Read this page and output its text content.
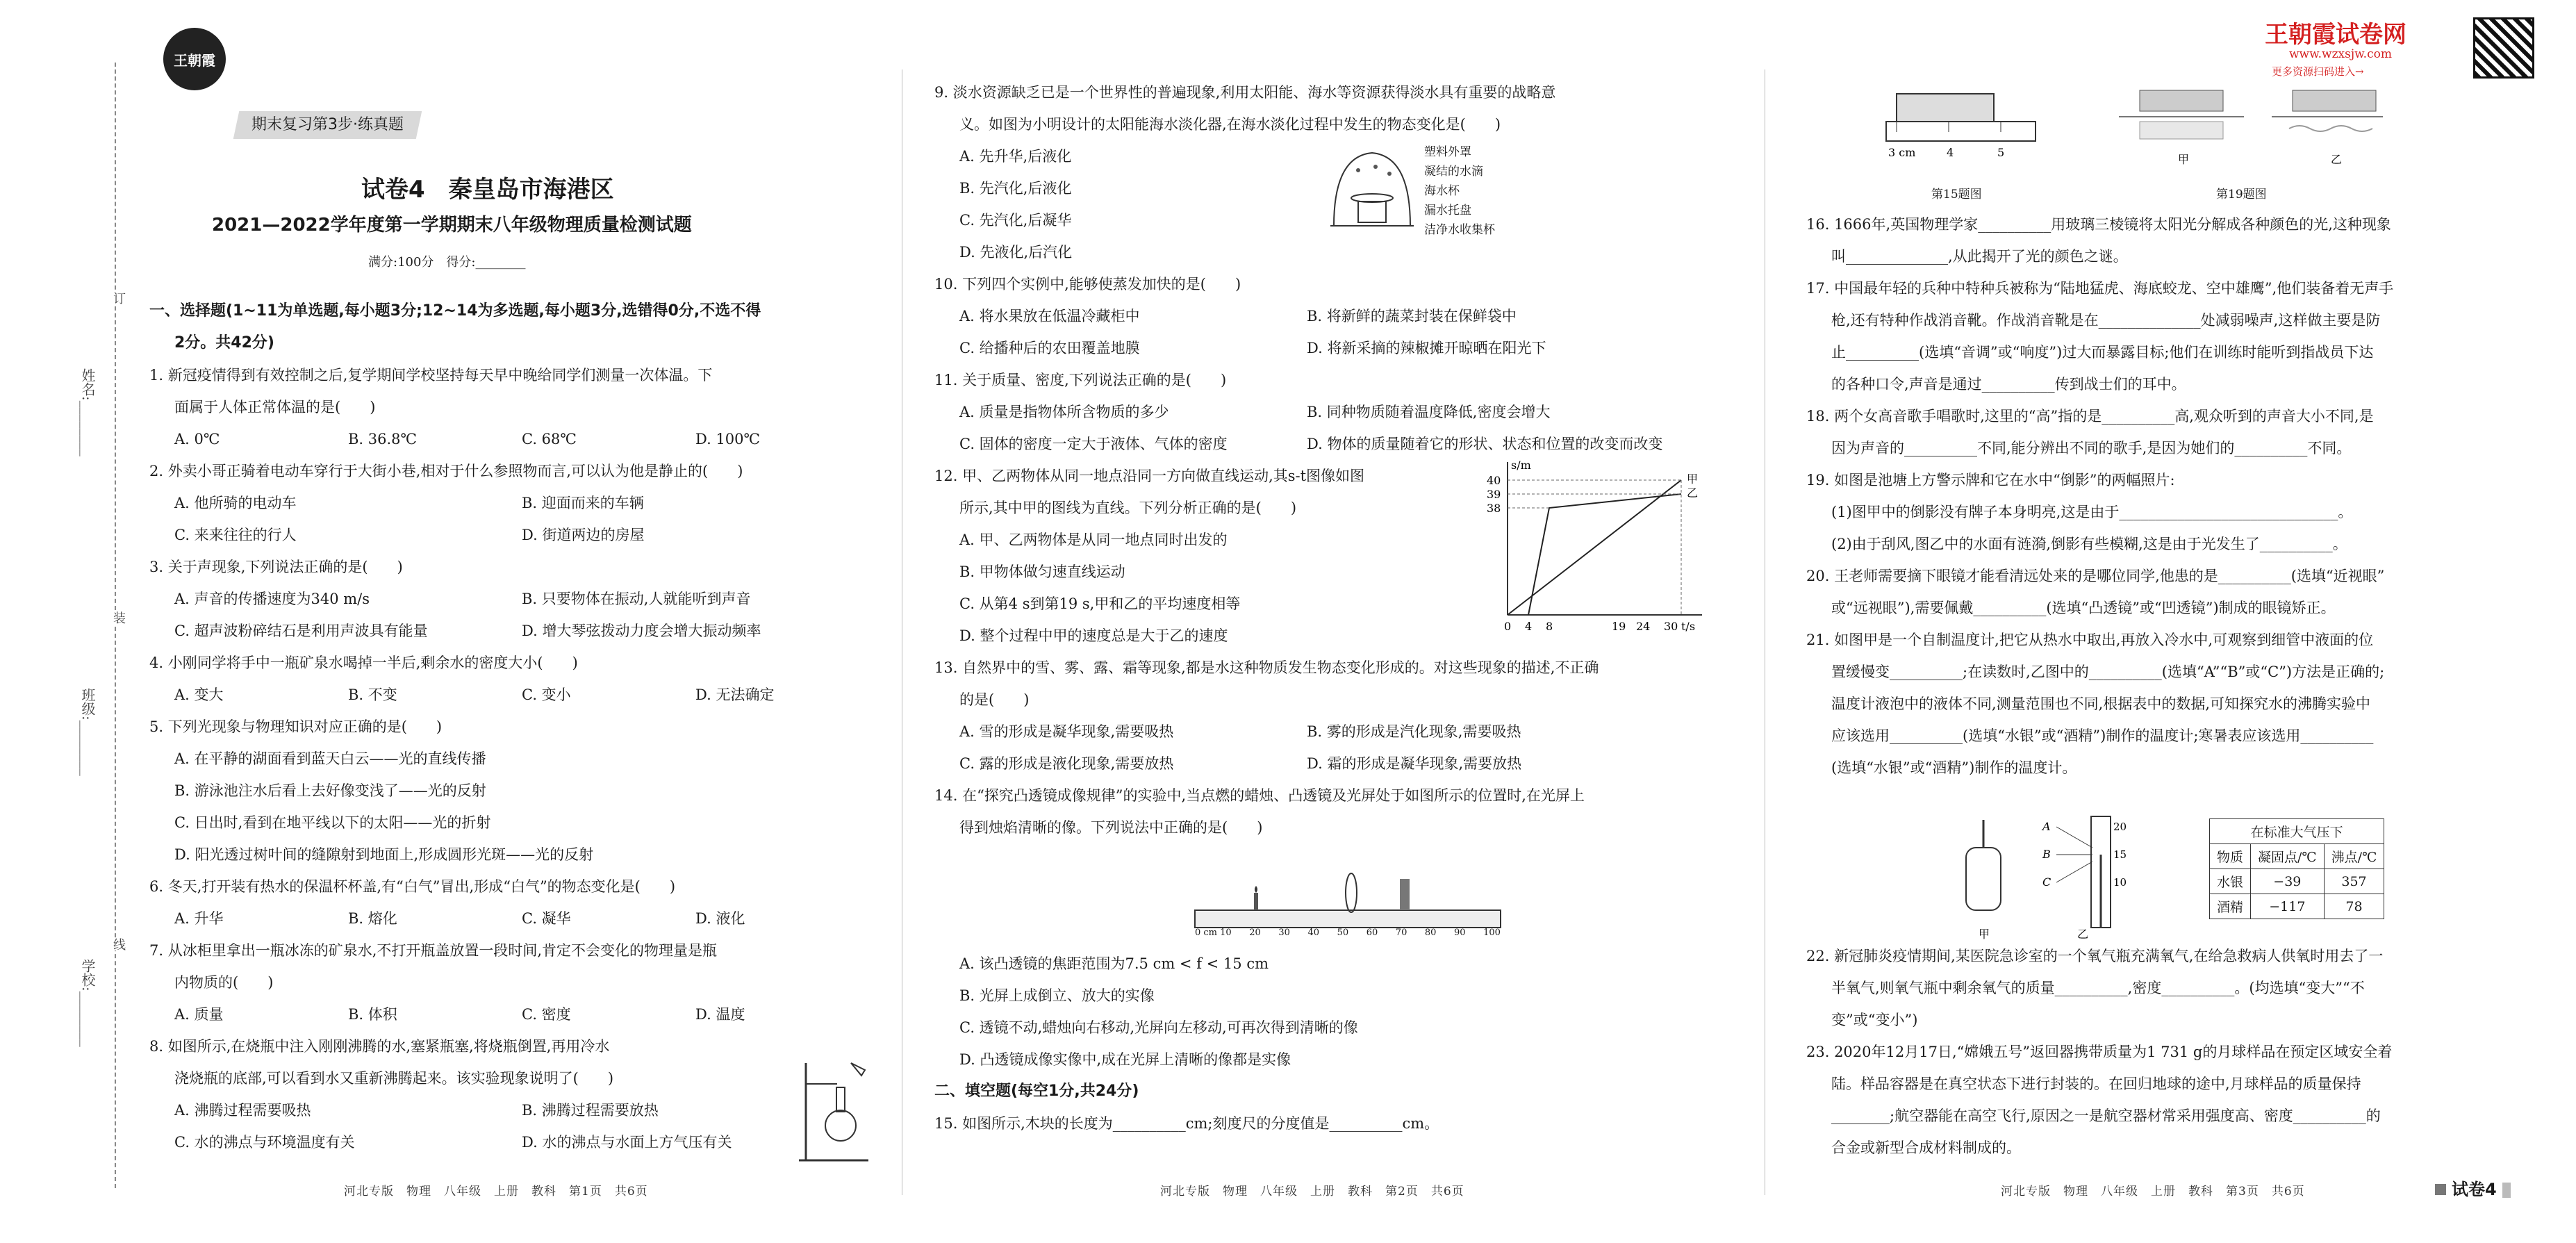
姓名:________
班级:________
学校:________
订
装
线
王朝霞
期末复习第3步·练真题
试卷4　秦皇岛市海港区
2021—2022学年度第一学期期末八年级物理质量检测试题
满分:100分　得分:________
一、选择题(1~11为单选题,每小题3分;12~14为多选题,每小题3分,选错得0分,不选不得
2分。共42分)
1. 新冠疫情得到有效控制之后,复学期间学校坚持每天早中晚给同学们测量一次体温。下
面属于人体正常体温的是(　　)
A. 0℃	B. 36.8℃	C. 68℃	D. 100℃
2. 外卖小哥正骑着电动车穿行于大街小巷,相对于什么参照物而言,可以认为他是静止的(　　)
A. 他所骑的电动车	B. 迎面而来的车辆
C. 来来往往的行人	D. 街道两边的房屋
3. 关于声现象,下列说法正确的是(　　)
A. 声音的传播速度为340 m/s	B. 只要物体在振动,人就能听到声音
C. 超声波粉碎结石是利用声波具有能量	D. 增大琴弦拨动力度会增大振动频率
4. 小刚同学将手中一瓶矿泉水喝掉一半后,剩余水的密度大小(　　)
A. 变大	B. 不变	C. 变小	D. 无法确定
5. 下列光现象与物理知识对应正确的是(　　)
A. 在平静的湖面看到蓝天白云——光的直线传播
B. 游泳池注水后看上去好像变浅了——光的反射
C. 日出时,看到在地平线以下的太阳——光的折射
D. 阳光透过树叶间的缝隙射到地面上,形成圆形光斑——光的反射
6. 冬天,打开装有热水的保温杯杯盖,有“白气”冒出,形成“白气”的物态变化是(　　)
A. 升华	B. 熔化	C. 凝华	D. 液化
7. 从冰柜里拿出一瓶冰冻的矿泉水,不打开瓶盖放置一段时间,肯定不会变化的物理量是瓶
内物质的(　　)
A. 质量	B. 体积	C. 密度	D. 温度
8. 如图所示,在烧瓶中注入刚刚沸腾的水,塞紧瓶塞,将烧瓶倒置,再用冷水
浇烧瓶的底部,可以看到水又重新沸腾起来。该实验现象说明了(　　)
A. 沸腾过程需要吸热	B. 沸腾过程需要放热
C. 水的沸点与环境温度有关	D. 水的沸点与水面上方气压有关
河北专版　物理　八年级　上册　教科　第1页　共6页
9. 淡水资源缺乏已是一个世界性的普遍现象,利用太阳能、海水等资源获得淡水具有重要的战略意
义。如图为小明设计的太阳能海水淡化器,在海水淡化过程中发生的物态变化是(　　)
A. 先升华,后液化
B. 先汽化,后液化
C. 先汽化,后凝华
D. 先液化,后汽化
10. 下列四个实例中,能够使蒸发加快的是(　　)
A. 将水果放在低温冷藏柜中	B. 将新鲜的蔬菜封装在保鲜袋中
C. 给播种后的农田覆盖地膜	D. 将新采摘的辣椒摊开晾晒在阳光下
11. 关于质量、密度,下列说法正确的是(　　)
A. 质量是指物体所含物质的多少	B. 同种物质随着温度降低,密度会增大
C. 固体的密度一定大于液体、气体的密度	D. 物体的质量随着它的形状、状态和位置的改变而改变
12. 甲、乙两物体从同一地点沿同一方向做直线运动,其s-t图像如图
所示,其中甲的图线为直线。下列分析正确的是(　　)
A. 甲、乙两物体是从同一地点同时出发的
B. 甲物体做匀速直线运动
C. 从第4 s到第19 s,甲和乙的平均速度相等
D. 整个过程中甲的速度总是大于乙的速度
13. 自然界中的雪、雾、露、霜等现象,都是水这种物质发生物态变化形成的。对这些现象的描述,不正确
的是(　　)
A. 雪的形成是凝华现象,需要吸热	B. 雾的形成是汽化现象,需要吸热
C. 露的形成是液化现象,需要放热	D. 霜的形成是凝华现象,需要放热
14. 在“探究凸透镜成像规律”的实验中,当点燃的蜡烛、凸透镜及光屏处于如图所示的位置时,在光屏上
得到烛焰清晰的像。下列说法中正确的是(　　)
A. 该凸透镜的焦距范围为7.5 cm < f < 15 cm
B. 光屏上成倒立、放大的实像
C. 透镜不动,蜡烛向右移动,光屏向左移动,可再次得到清晰的像
D. 凸透镜成像实像中,成在光屏上清晰的像都是实像
二、填空题(每空1分,共24分)
15. 如图所示,木块的长度为__________cm;刻度尺的分度值是__________cm。
塑料外罩
凝结的水滴
海水杯
漏水托盘
洁净水收集杯
s/m
40
39
38
0 4 8	19 24 30 t/s
甲
乙
0 cm 10 20 30 40 50 60 70 80 90 100
河北专版　物理　八年级　上册　教科　第2页　共6页
王朝霞试卷网
www.wzxsjw.com
更多资源扫码进入→
3 cm	4	5
第15题图
甲	乙
第19题图
16. 1666年,英国物理学家__________用玻璃三棱镜将太阳光分解成各种颜色的光,这种现象
叫______________,从此揭开了光的颜色之谜。
17. 中国最年轻的兵种中特种兵被称为“陆地猛虎、海底蛟龙、空中雄鹰”,他们装备着无声手
枪,还有特种作战消音靴。作战消音靴是在______________处减弱噪声,这样做主要是防
止__________(选填“音调”或“响度”)过大而暴露目标;他们在训练时能听到指战员下达
的各种口令,声音是通过__________传到战士们的耳中。
18. 两个女高音歌手唱歌时,这里的“高”指的是__________高,观众听到的声音大小不同,是
因为声音的__________不同,能分辨出不同的歌手,是因为她们的__________不同。
19. 如图是池塘上方警示牌和它在水中“倒影”的两幅照片:
(1)图甲中的倒影没有牌子本身明亮,这是由于______________________________。
(2)由于刮风,图乙中的水面有涟漪,倒影有些模糊,这是由于光发生了__________。
20. 王老师需要摘下眼镜才能看清远处来的是哪位同学,他患的是__________(选填“近视眼”
或“远视眼”),需要佩戴__________(选填“凸透镜”或“凹透镜”)制成的眼镜矫正。
21. 如图甲是一个自制温度计,把它从热水中取出,再放入冷水中,可观察到细管中液面的位
置缓慢变__________;在读数时,乙图中的__________(选填“A”“B”或“C”)方法是正确的;
温度计液泡中的液体不同,测量范围也不同,根据表中的数据,可知探究水的沸腾实验中
应该选用__________(选填“水银”或“酒精”)制作的温度计;寒暑表应该选用__________
(选填“水银”或“酒精”)制作的温度计。
22. 新冠肺炎疫情期间,某医院急诊室的一个氧气瓶充满氧气,在给急救病人供氧时用去了一
半氧气,则氧气瓶中剩余氧气的质量__________,密度__________。(均选填“变大”“不
变”或“变小”)
23. 2020年12月17日,“嫦娥五号”返回器携带质量为1 731 g的月球样品在预定区域安全着
陆。样品容器是在真空状态下进行封装的。在回归地球的途中,月球样品的质量保持
________;航空器能在高空飞行,原因之一是航空器材常采用强度高、密度__________的
合金或新型合成材料制成的。
A
B
C
20
15
10
甲	乙
在标准大气压下		
物质	凝固点/℃	沸点/℃
水银	−39	357
酒精	−117	78
河北专版　物理　八年级　上册　教科　第3页　共6页	试卷4
